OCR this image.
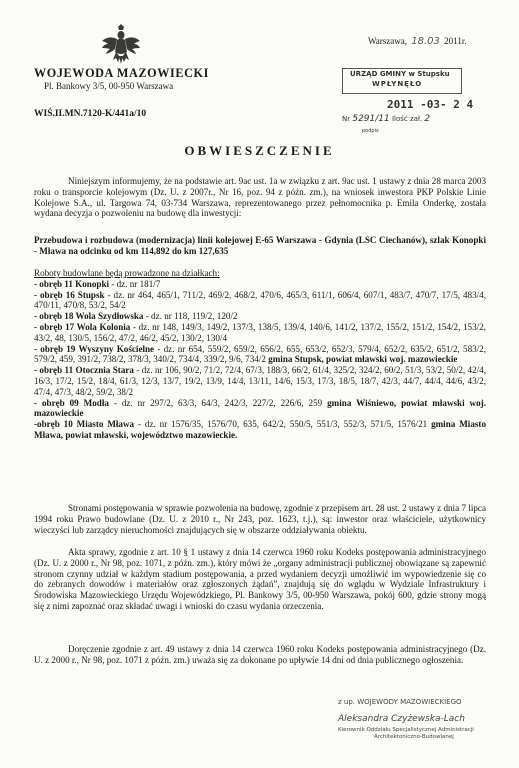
WOJEWODA MAZOWIECKI
Pl. Bankowy 3/5, 00-950 Warszawa
WIŚ.II.MN.7120-K/441a/10
Warszawa, 18.03 2011r.
URZĄD GMINY w Stupsku
WPŁYNĘŁO
2011 -03- 2 4
Nr 5291/11 Ilość zał. 2
podpis
OBWIESZCZENIE
Niniejszym informujemy, że na podstawie art. 9ac ust. 1a w związku z art. 9ac ust. 1 ustawy z dnia 28 marca 2003 roku o transporcie kolejowym (Dz. U. z 2007r., Nr 16, poz. 94 z późn. zm.), na wniosek inwestora PKP Polskie Linie Kolejowe S.A., ul. Targowa 74, 03-734 Warszawa, reprezentowanego przez pełnomocnika p. Emila Onderkę, została wydana decyzja o pozwoleniu na budowę dla inwestycji:
Przebudowa i rozbudowa (modernizacja) linii kolejowej E-65 Warszawa - Gdynia (LSC Ciechanów), szlak Konopki - Mława na odcinku od km 114,892 do km 127,635
Roboty budowlane będą prowadzone na działkach:
- obręb 11 Konopki - dz. nr 181/7
- obręb 16 Stupsk - dz. nr 464, 465/1, 711/2, 469/2, 468/2, 470/6, 465/3, 611/1, 606/4, 607/1, 483/7, 470/7, 17/5, 483/4, 470/11, 470/8, 53/2, 54/2
- obręb 18 Wola Szydłowska - dz. nr 118, 119/2, 120/2
- obręb 17 Wola Kolonia - dz. nr 148, 149/3, 149/2, 137/3, 138/5, 139/4, 140/6, 141/2, 137/2, 155/2, 151/2, 154/2, 153/2, 43/2, 48, 130/5, 156/2, 47/2, 46/2, 45/2, 130/2, 130/4
- obręb 19 Wyszyny Kościelne - dz. nr 654, 559/2, 659/2, 656/2, 655, 653/2, 652/3, 579/4, 652/2, 635/2, 651/2, 583/2, 579/2, 459, 391/2, 738/2, 378/3, 340/2, 734/4, 339/2, 9/6, 734/2 gmina Stupsk, powiat mławski woj. mazowieckie
- obręb 11 Otocznia Stara - dz. nr 106, 90/2, 71/2, 72/4, 67/3, 188/3, 66/2, 61/4, 325/2, 324/2, 60/2, 51/3, 53/2, 50/2, 42/4, 16/3, 17/2, 15/2, 18/4, 61/3, 12/3, 13/7, 19/2, 13/9, 14/4, 13/11, 14/6, 15/3, 17/3, 18/5, 18/7, 42/3, 44/7, 44/4, 44/6, 43/2, 47/4, 47/3, 48/2, 59/2, 38/2
- obręb 09 Modła - dz. nr 297/2, 63/3, 64/3, 242/3, 227/2, 226/6, 259 gmina Wiśniewo, powiat mławski woj. mazowieckie
-obręb 10 Miasto Mława - dz. nr 1576/35, 1576/70, 635, 642/2, 550/5, 551/3, 552/3, 571/5, 1576/21 gmina Miasto Mława, powiat mławski, województwo mazowieckie.
Stronami postępowania w sprawie pozwolenia na budowę, zgodnie z przepisem art. 28 ust. 2 ustawy z dnia 7 lipca 1994 roku Prawo budowlane (Dz. U. z 2010 r., Nr 243, poz. 1623, t.j.), są: inwestor oraz właściciele, użytkownicy wieczyści lub zarządcy nieruchomości znajdujących się w obszarze oddziaływania obiektu.
Akta sprawy, zgodnie z art. 10 § 1 ustawy z dnia 14 czerwca 1960 roku Kodeks postępowania administracyjnego (Dz. U. z 2000 r., Nr 98, poz. 1071, z późn. zm.), który mówi że „organy administracji publicznej obowiązane są zapewnić stronom czynny udział w każdym stadium postępowania, a przed wydaniem decyzji umożliwić im wypowiedzenie się co do zebranych dowodów i materiałów oraz zgłoszonych żądań”, znajdują się do wglądu w Wydziale Infrastruktury i Środowiska Mazowieckiego Urzędu Wojewódzkiego, Pl. Bankowy 3/5, 00-950 Warszawa, pokój 600, gdzie strony mogą się z nimi zapoznać oraz składać uwagi i wnioski do czasu wydania orzeczenia.
Doręczenie zgodnie z art. 49 ustawy z dnia 14 czerwca 1960 roku Kodeks postępowania administracyjnego (Dz. U. z 2000 r., Nr 98, poz. 1071 z późn. zm.) uważa się za dokonane po upływie 14 dni od dnia publicznego ogłoszenia.
z up. WOJEWODY MAZOWIECKIEGO
Aleksandra Czyżewska-Lach
Kierownik Oddziału Specjalistycznej Administracji
Architektoniczno-Budowlanej
